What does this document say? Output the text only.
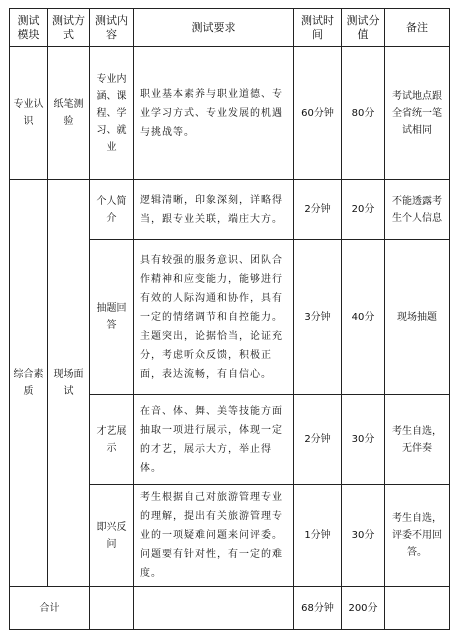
测试模块	测试方式	测试内容	测试要求	测试时间	测试分值	备注
专业认识	纸笔测验	专业内涵、课程、学习、就业	职业基本素养与职业道德、专业学习方式、专业发展的机遇与挑战等。	60分钟	80分	考试地点跟全省统一笔试相同
综合素质	现场面试	个人简介	逻辑清晰，印象深刻，详略得当，跟专业关联，端庄大方。	2分钟	20分	不能透露考生个人信息
		抽题回答	具有较强的服务意识、团队合作精神和应变能力，能够进行有效的人际沟通和协作，具有一定的情绪调节和自控能力。主题突出，论据恰当，论证充分，考虑听众反馈，积极正面，表达流畅，有自信心。	3分钟	40分	现场抽题
		才艺展示	在音、体、舞、美等技能方面抽取一项进行展示，体现一定的才艺，展示大方，举止得体。	2分钟	30分	考生自选，无伴奏
		即兴反问	考生根据自己对旅游管理专业的理解，提出有关旅游管理专业的一项疑难问题来问评委。问题要有针对性，有一定的难度。	1分钟	30分	考生自选，评委不用回答。
合计				68分钟	200分	
